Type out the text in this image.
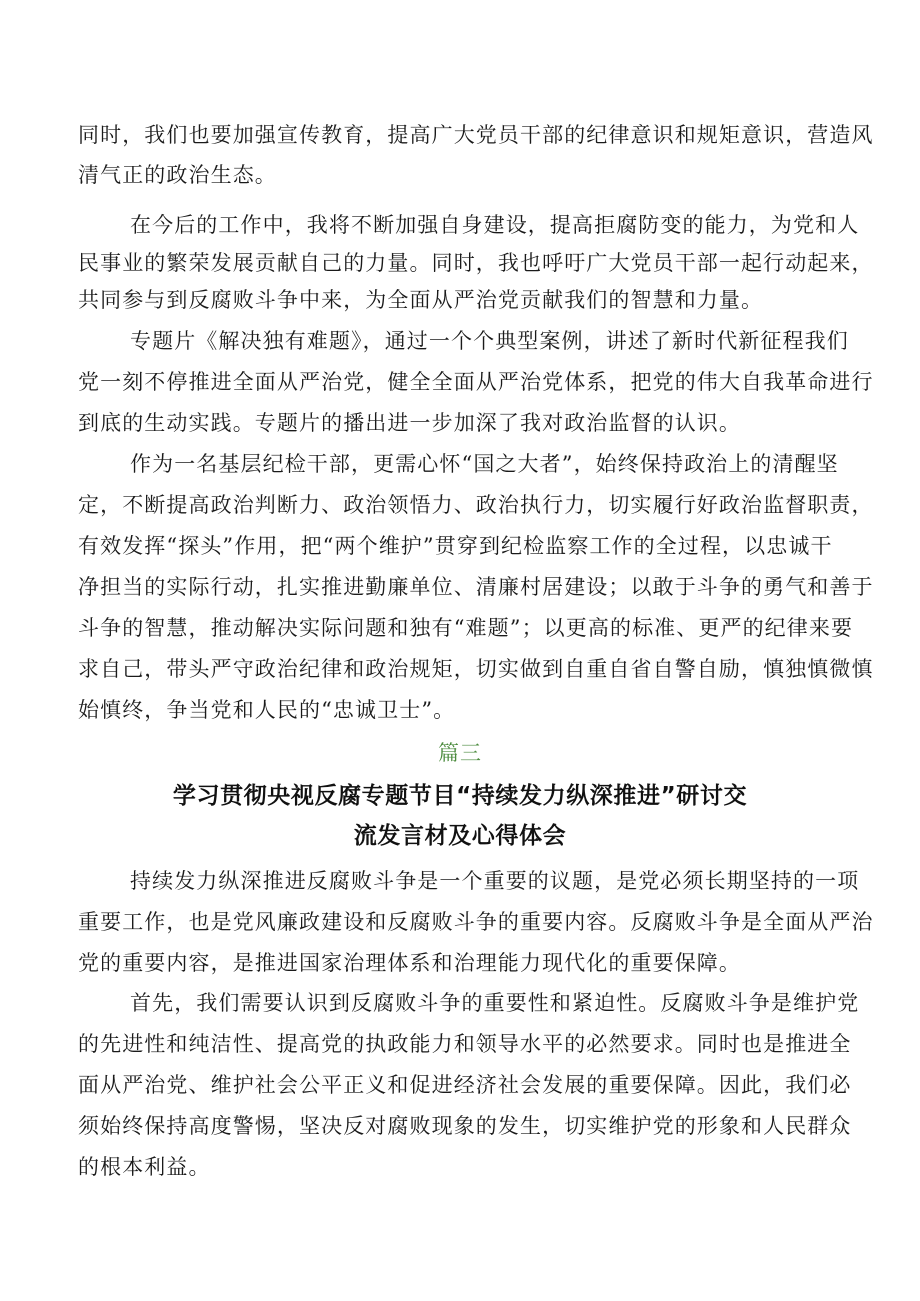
同时，我们也要加强宣传教育，提高广大党员干部的纪律意识和规矩意识，营造风
清气正的政治生态。
在今后的工作中，我将不断加强自身建设，提高拒腐防变的能力，为党和人
民事业的繁荣发展贡献自己的力量。同时，我也呼吁广大党员干部一起行动起来，
共同参与到反腐败斗争中来，为全面从严治党贡献我们的智慧和力量。
专题片《解决独有难题》，通过一个个典型案例，讲述了新时代新征程我们
党一刻不停推进全面从严治党，健全全面从严治党体系，把党的伟大自我革命进行
到底的生动实践。专题片的播出进一步加深了我对政治监督的认识。
作为一名基层纪检干部，更需心怀“国之大者”，始终保持政治上的清醒坚
定，不断提高政治判断力、政治领悟力、政治执行力，切实履行好政治监督职责，
有效发挥“探头”作用，把“两个维护”贯穿到纪检监察工作的全过程，以忠诚干
净担当的实际行动，扎实推进勤廉单位、清廉村居建设；以敢于斗争的勇气和善于
斗争的智慧，推动解决实际问题和独有“难题”；以更高的标准、更严的纪律来要
求自己，带头严守政治纪律和政治规矩，切实做到自重自省自警自励，慎独慎微慎
始慎终，争当党和人民的“忠诚卫士”。
篇三
学习贯彻央视反腐专题节目“持续发力纵深推进”研讨交
流发言材及心得体会
持续发力纵深推进反腐败斗争是一个重要的议题，是党必须长期坚持的一项
重要工作，也是党风廉政建设和反腐败斗争的重要内容。反腐败斗争是全面从严治
党的重要内容，是推进国家治理体系和治理能力现代化的重要保障。
首先，我们需要认识到反腐败斗争的重要性和紧迫性。反腐败斗争是维护党
的先进性和纯洁性、提高党的执政能力和领导水平的必然要求。同时也是推进全
面从严治党、维护社会公平正义和促进经济社会发展的重要保障。因此，我们必
须始终保持高度警惕，坚决反对腐败现象的发生，切实维护党的形象和人民群众
的根本利益。
